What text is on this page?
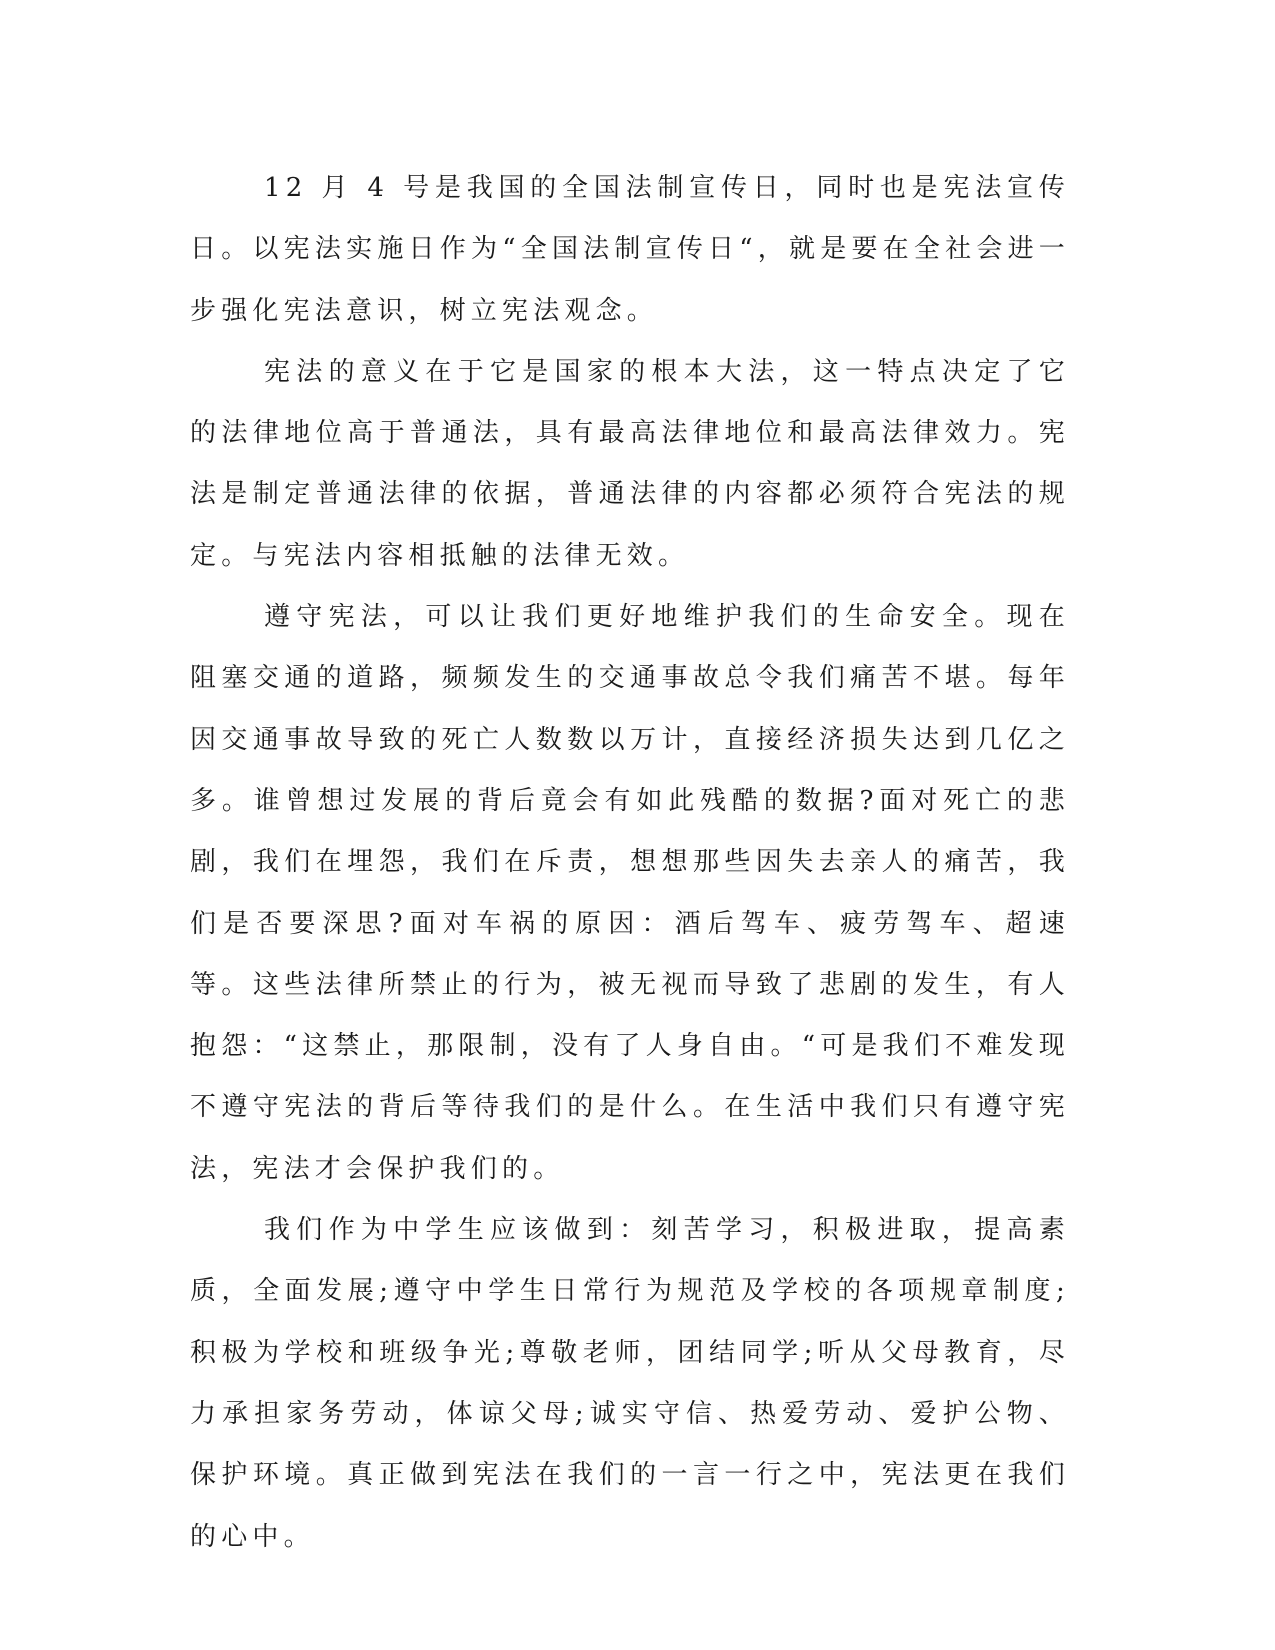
12 月 4 号是我国的全国法制宣传日，同时也是宪法宣传日。以宪法实施日作为“全国法制宣传日“，就是要在全社会进一步强化宪法意识，树立宪法观念。

宪法的意义在于它是国家的根本大法，这一特点决定了它的法律地位高于普通法，具有最高法律地位和最高法律效力。宪法是制定普通法律的依据，普通法律的内容都必须符合宪法的规定。与宪法内容相抵触的法律无效。

遵守宪法，可以让我们更好地维护我们的生命安全。现在阻塞交通的道路，频频发生的交通事故总令我们痛苦不堪。每年因交通事故导致的死亡人数数以万计，直接经济损失达到几亿之多。谁曾想过发展的背后竟会有如此残酷的数据?面对死亡的悲剧，我们在埋怨，我们在斥责，想想那些因失去亲人的痛苦，我们是否要深思?面对车祸的原因：酒后驾车、疲劳驾车、超速等。这些法律所禁止的行为，被无视而导致了悲剧的发生，有人抱怨：“这禁止，那限制，没有了人身自由。“可是我们不难发现不遵守宪法的背后等待我们的是什么。在生活中我们只有遵守宪法，宪法才会保护我们的。

我们作为中学生应该做到：刻苦学习，积极进取，提高素质，全面发展;遵守中学生日常行为规范及学校的各项规章制度;积极为学校和班级争光;尊敬老师，团结同学;听从父母教育，尽力承担家务劳动，体谅父母;诚实守信、热爱劳动、爱护公物、保护环境。真正做到宪法在我们的一言一行之中，宪法更在我们的心中。
